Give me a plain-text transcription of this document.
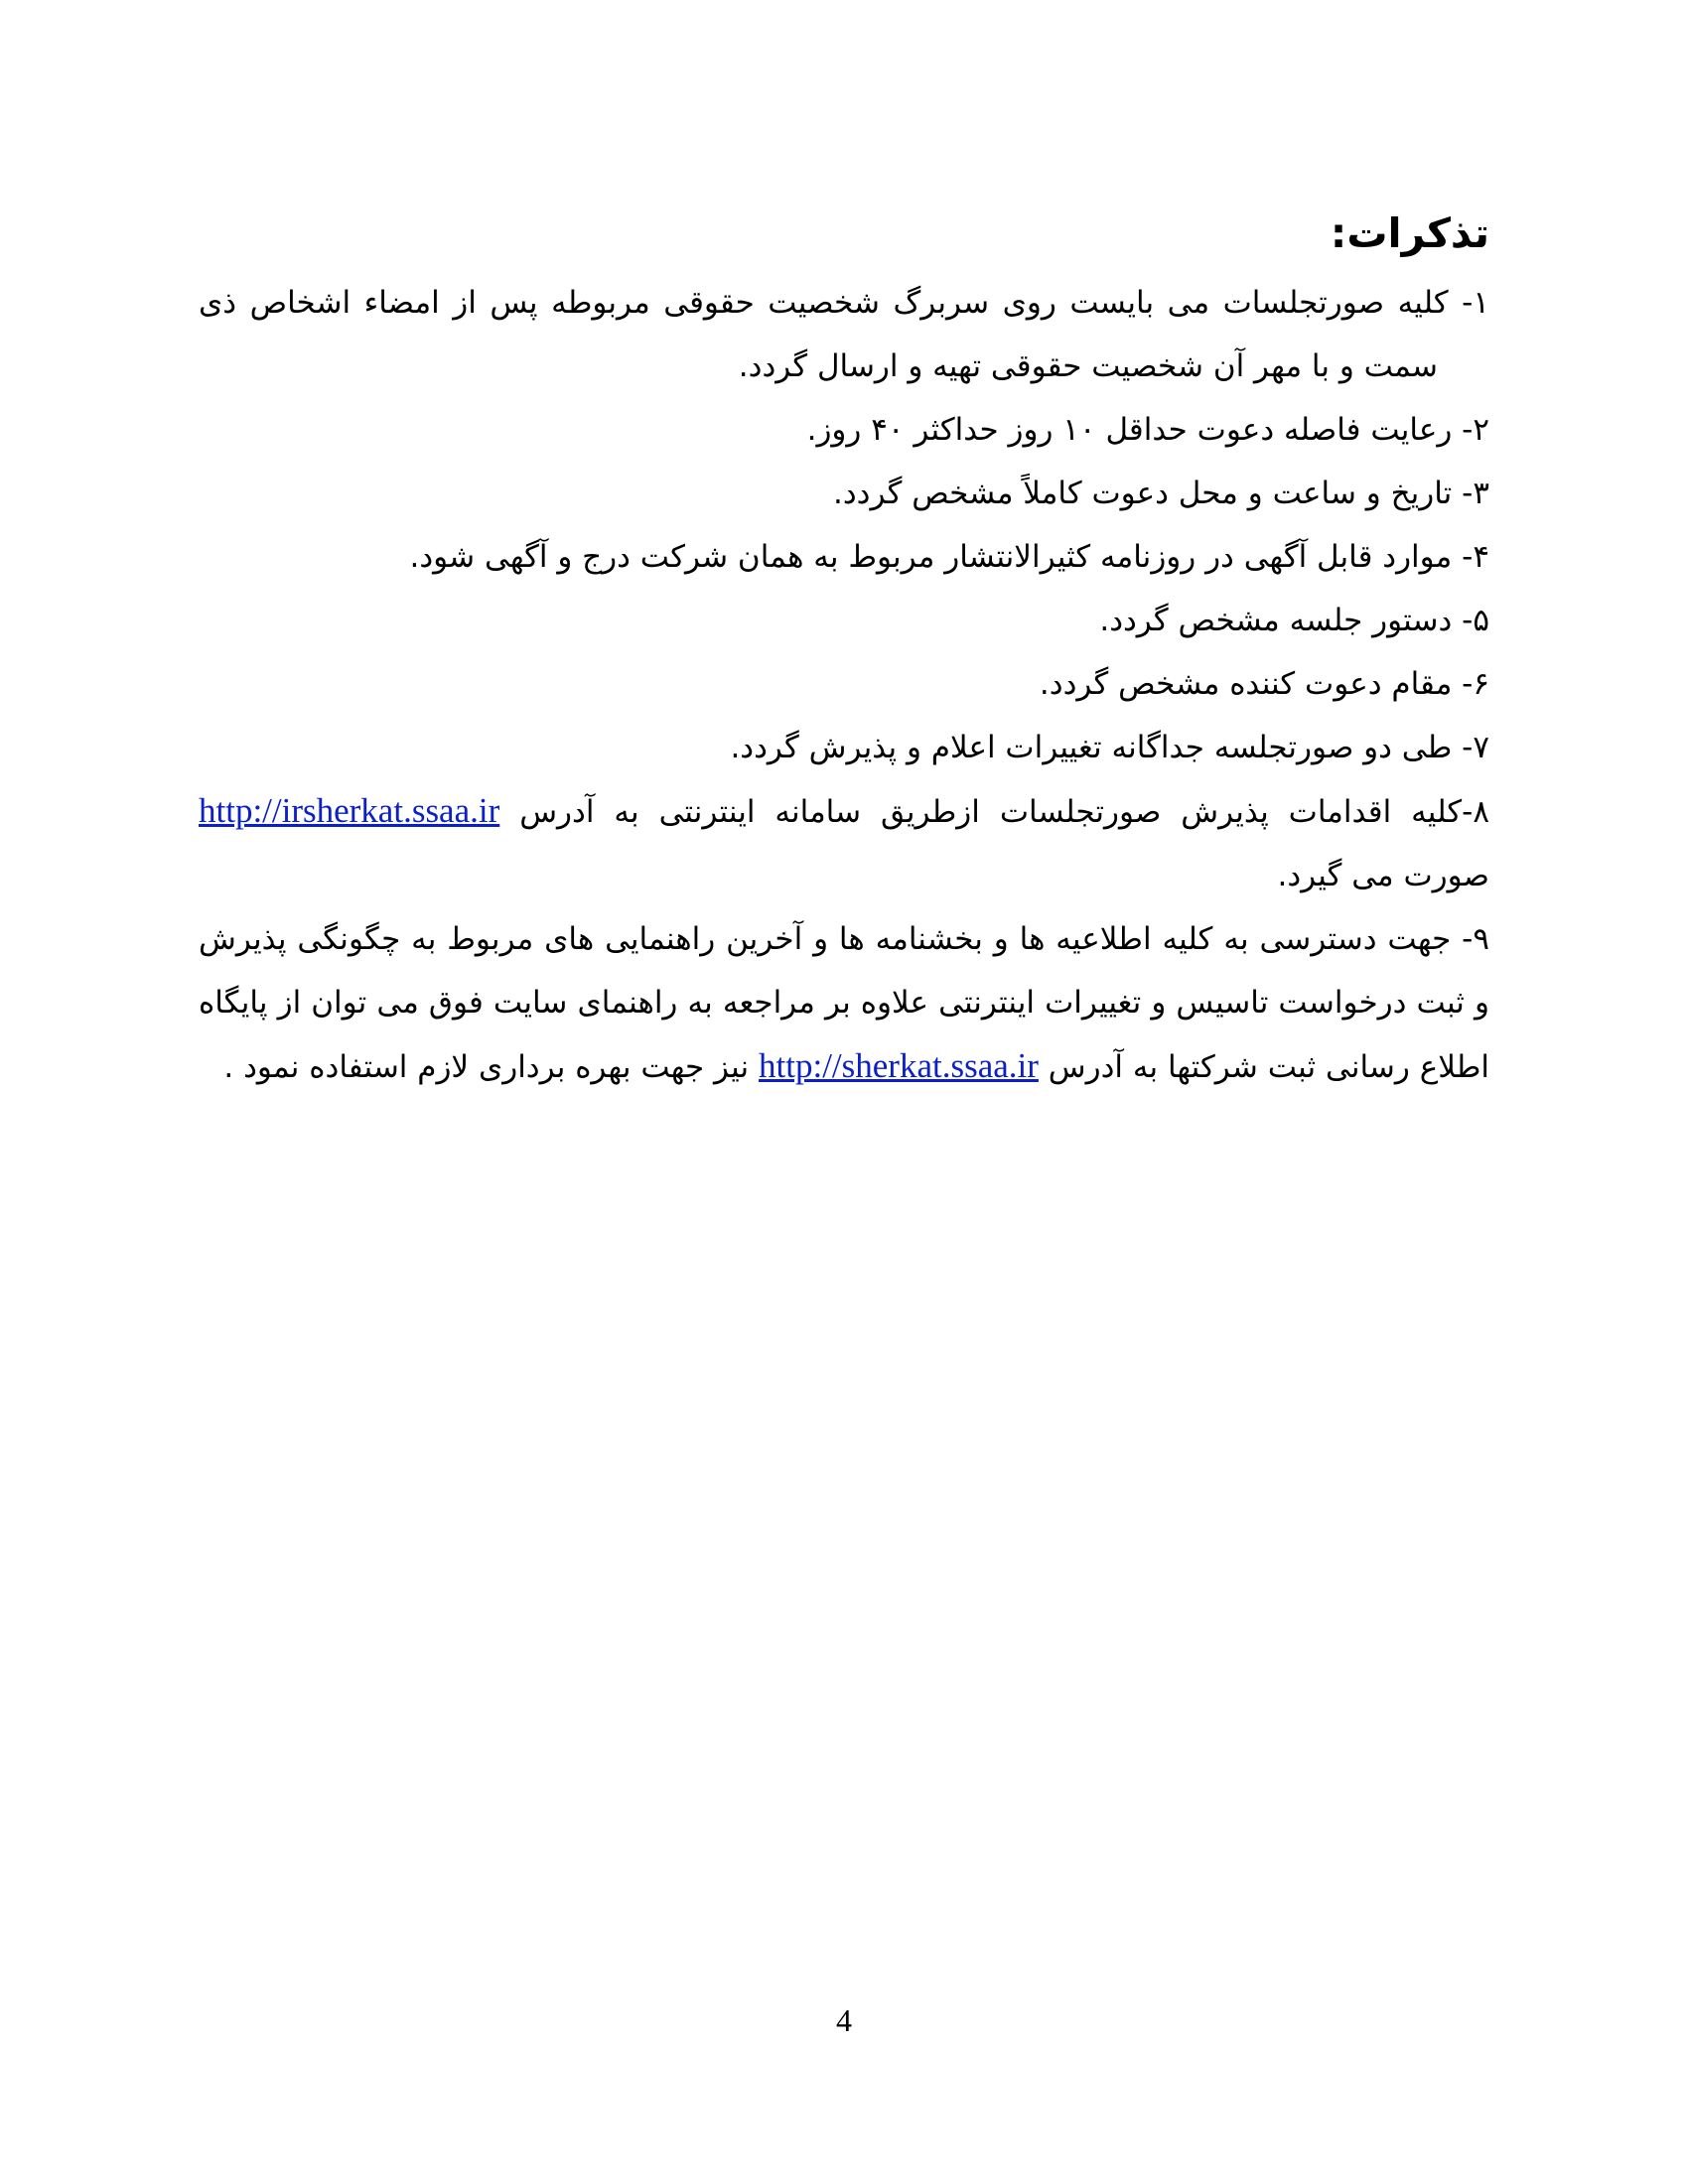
تذکرات:

۱- کلیه صورتجلسات می بایست روی سربرگ شخصیت حقوقی مربوطه پس از امضاء اشخاص ذی سمت و با مهر آن شخصیت حقوقی تهیه و ارسال گردد.

۲- رعایت فاصله دعوت حداقل ۱۰ روز حداکثر ۴۰ روز.

۳- تاریخ و ساعت و محل دعوت کاملاً مشخص گردد.

۴- موارد قابل آگهی در روزنامه کثیرالانتشار مربوط به همان شرکت درج و آگهی شود.

۵- دستور جلسه مشخص گردد.

۶- مقام دعوت کننده مشخص گردد.

۷- طی دو صورتجلسه جداگانه تغییرات اعلام و پذیرش گردد.

۸-کلیه اقدامات پذیرش صورتجلسات ازطریق سامانه اینترنتی به آدرس http://irsherkat.ssaa.ir صورت می گیرد.

۹- جهت دسترسی به کلیه اطلاعیه ها و بخشنامه ها و آخرین راهنمایی های مربوط به چگونگی پذیرش و ثبت درخواست تاسیس و تغییرات اینترنتی علاوه بر مراجعه به راهنمای سایت فوق می توان از پایگاه اطلاع رسانی ثبت شرکتها به آدرس http://sherkat.ssaa.ir نیز جهت بهره برداری لازم استفاده نمود .

4
